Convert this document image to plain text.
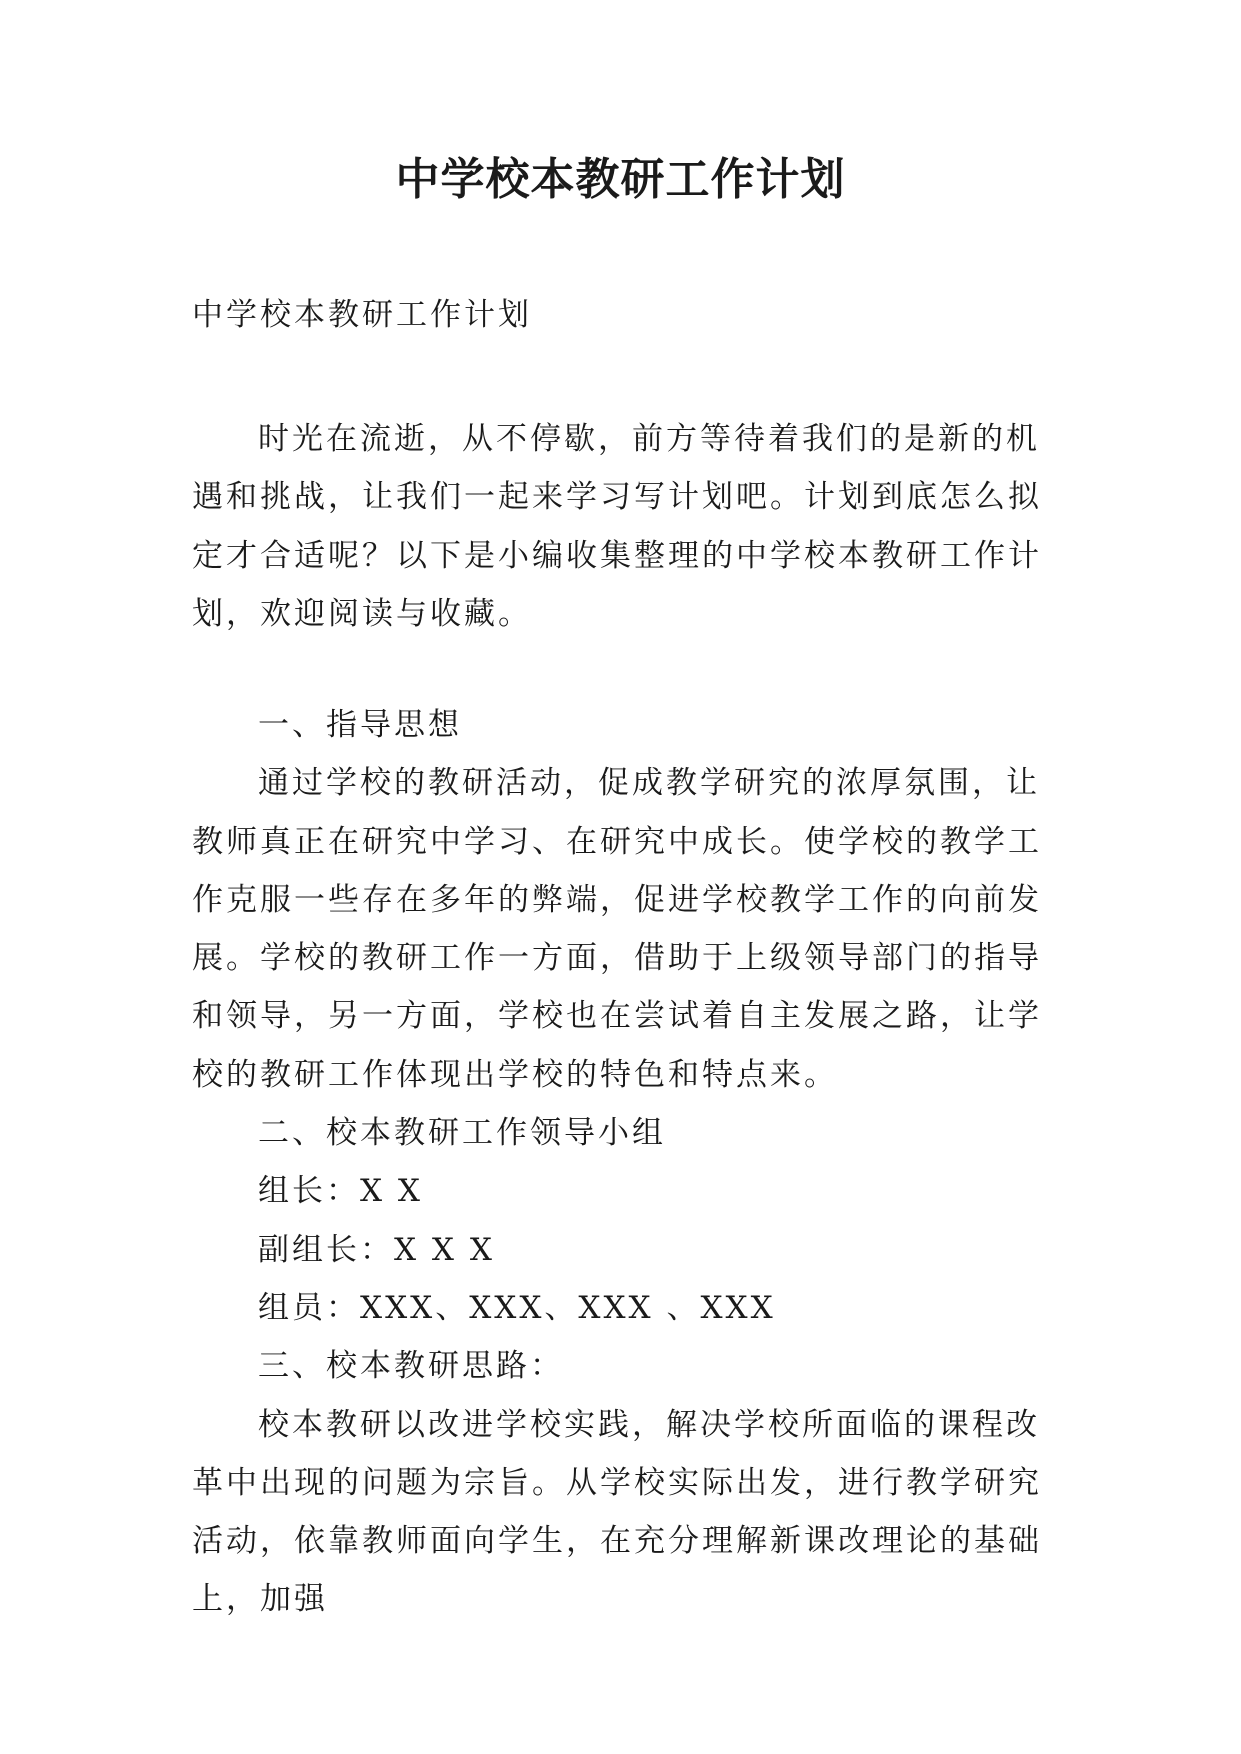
中学校本教研工作计划

中学校本教研工作计划

时光在流逝，从不停歇，前方等待着我们的是新的机遇和挑战，让我们一起来学习写计划吧。计划到底怎么拟定才合适呢？以下是小编收集整理的中学校本教研工作计划，欢迎阅读与收藏。

一、指导思想

通过学校的教研活动，促成教学研究的浓厚氛围，让教师真正在研究中学习、在研究中成长。使学校的教学工作克服一些存在多年的弊端，促进学校教学工作的向前发展。学校的教研工作一方面，借助于上级领导部门的指导和领导，另一方面，学校也在尝试着自主发展之路，让学校的教研工作体现出学校的特色和特点来。

二、校本教研工作领导小组

组长：X X

副组长：X X X

组员：XXX、XXX、XXX 、XXX

三、校本教研思路：

校本教研以改进学校实践，解决学校所面临的课程改革中出现的问题为宗旨。从学校实际出发，进行教学研究活动，依靠教师面向学生，在充分理解新课改理论的基础上，加强
